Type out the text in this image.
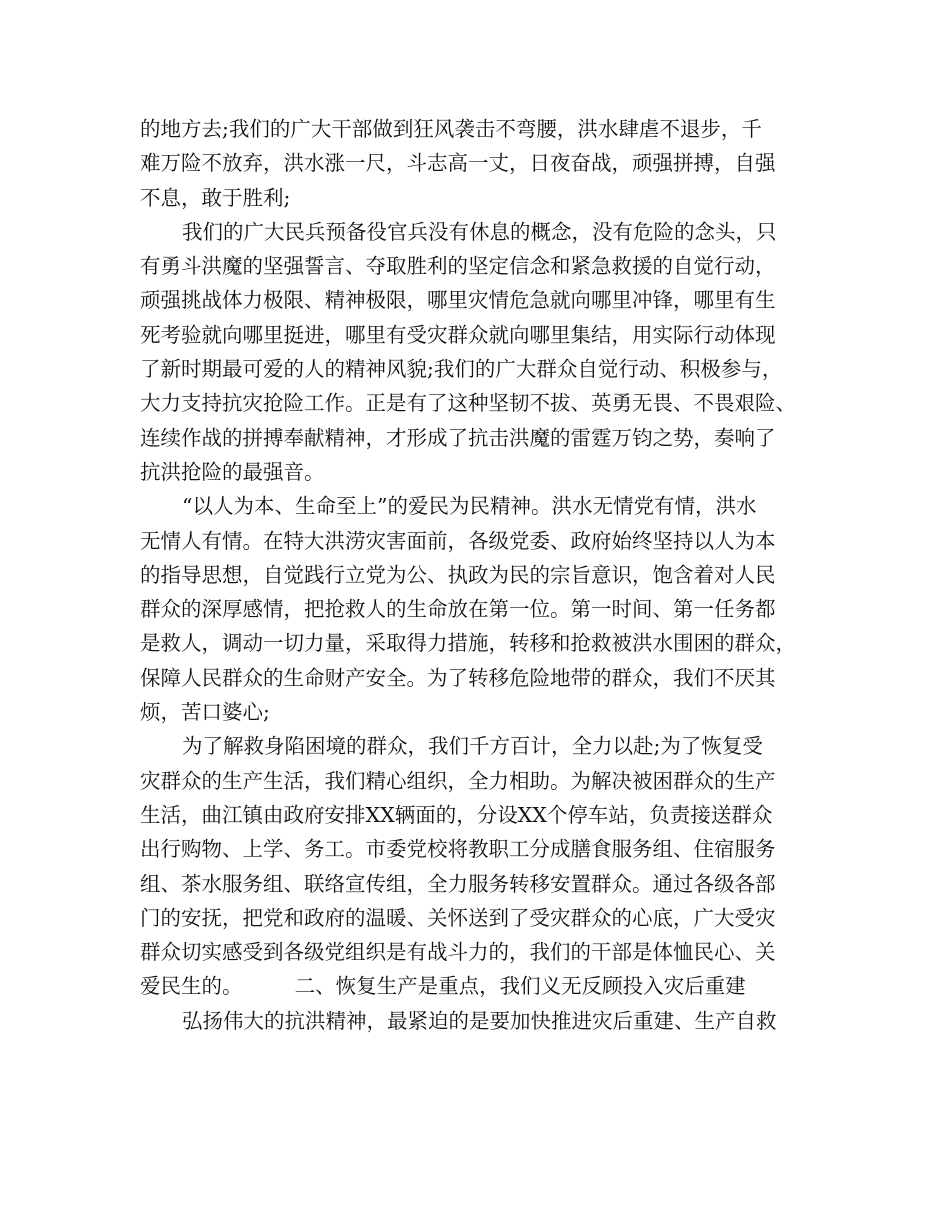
的地方去;我们的广大干部做到狂风袭击不弯腰，洪水肆虐不退步，千
难万险不放弃，洪水涨一尺，斗志高一丈，日夜奋战，顽强拼搏，自强
不息，敢于胜利;
我们的广大民兵预备役官兵没有休息的概念，没有危险的念头，只
有勇斗洪魔的坚强誓言、夺取胜利的坚定信念和紧急救援的自觉行动，
顽强挑战体力极限、精神极限，哪里灾情危急就向哪里冲锋，哪里有生
死考验就向哪里挺进，哪里有受灾群众就向哪里集结，用实际行动体现
了新时期最可爱的人的精神风貌;我们的广大群众自觉行动、积极参与，
大力支持抗灾抢险工作。正是有了这种坚韧不拔、英勇无畏、不畏艰险、
连续作战的拼搏奉献精神，才形成了抗击洪魔的雷霆万钧之势，奏响了
抗洪抢险的最强音。
“以人为本、生命至上”的爱民为民精神。洪水无情党有情，洪水
无情人有情。在特大洪涝灾害面前，各级党委、政府始终坚持以人为本
的指导思想，自觉践行立党为公、执政为民的宗旨意识，饱含着对人民
群众的深厚感情，把抢救人的生命放在第一位。第一时间、第一任务都
是救人，调动一切力量，采取得力措施，转移和抢救被洪水围困的群众，
保障人民群众的生命财产安全。为了转移危险地带的群众，我们不厌其
烦，苦口婆心;
为了解救身陷困境的群众，我们千方百计，全力以赴;为了恢复受
灾群众的生产生活，我们精心组织，全力相助。为解决被困群众的生产
生活，曲江镇由政府安排XX辆面的，分设XX个停车站，负责接送群众
出行购物、上学、务工。市委党校将教职工分成膳食服务组、住宿服务
组、茶水服务组、联络宣传组，全力服务转移安置群众。通过各级各部
门的安抚，把党和政府的温暖、关怀送到了受灾群众的心底，广大受灾
群众切实感受到各级党组织是有战斗力的，我们的干部是体恤民心、关
爱民生的。        二、恢复生产是重点，我们义无反顾投入灾后重建
弘扬伟大的抗洪精神，最紧迫的是要加快推进灾后重建、生产自救
